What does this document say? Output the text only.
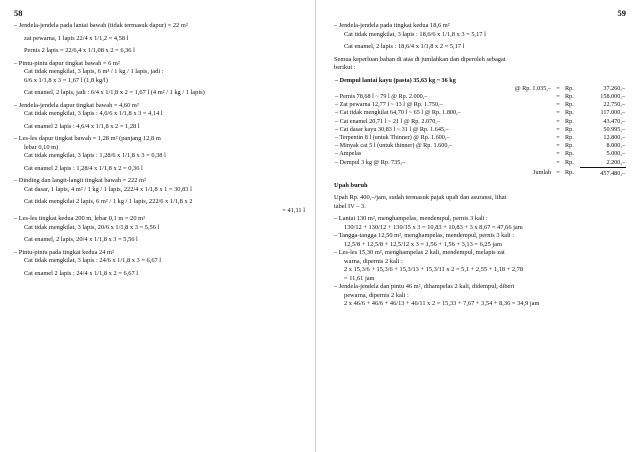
58
– Jendela-jendela pada lantai bawah (tidak termasuk dapur) = 22 m²
zat pewarna, 1 lapis 22/4 x 1/1,2 = 4,58 l
Pernis 2 lapis = 22/6,4 x 1/1,08 x 2 = 6,36 l
– Pintu-pintu dapur tingkat bawah = 6 m²
Cat tidak mengkilat, 3 lapis, 6 m² / 1 kg / 1 lapis, jadi :
6/6 x 1/1,8 x 3 = 1,67 l (1,8 kg/l)
Cat enamel, 2 lapis, jadi : 6/4 x 1/1,8 x 2 = 1,67 l (4 m² / 1 kg / 1 lapis)
– Jendela-jendela dapur tingkat bawah = 4,60 m²
Cat tidak mengkilat, 3 lapis : 4,6/6 x 1/1,8 x 3 = 4,14 l
Cat enamel 2 lapis : 4,6/4 x 1/1,8 x 2 = 1,28 l
– Les-les dapur tingkat bawah = 1,28 m² (panjang 12,8 m
lebar 0,10 m)
Cat tidak mengkilat, 3 lapis : 1,28/6 x 1/1,8 x 3 = 0,38 l
Cat enamel 2 lapis : 1,28/4 x 1/1,8 x 2 = 0,36 l
– Dinding dan langit-langit tingkat bawah = 222 m²
Cat dasar, 1 lapis, 4 m² / 1 kg / 1 lapis, 222/4 x 1/1,8 x 1 = 30,83 l
Cat tidak mengkilat 2 lapis, 6 m² / 1 kg / 1 lapis, 222/6 x 1/1,8 x 2
= 41,11 l
– Les-les tingkat kedua 200 m, lebar 0,1 m = 20 m²
Cat tidak mengkilat, 3 lapis, 20/6 x 1/1,8 x 3 = 5,56 l
Cat enamel, 2 lapis, 20/4 x 1/1,8 x 3 = 5,56 l
– Pintu-pintu pada tingkat kedua 24 m²
Cat tidak mengkilat, 3 lapis : 24/6 x 1/1,8 x 3 = 6,67 l
Cat enamel 2 lapis : 24/4 x 1/1,8 x 2 = 6,67 l
59
– Jendela-jendela pada tingkat kedua 18,6 m²
Cat tidak mengkilat, 3 lapis : 18,6/6 x 1/1,8 x 3 = 5,17 l
Cat enamel, 2 lapis : 18,6/4 x 1/1,8 x 2 = 5,17 l
Semua keperluan bahan di atas di jumlahkan dan diperoleh sebagai
berikut :
– Dempul lantai kayu (pasta) 35,63 kg ~ 36 kg			
@ Rp. 1.035,–	=	Rp.	37.260,–
– Pernis 78,68 l ~ 79 l @ Rp. 2.000,–	=	Rp.	158.000,–
– Zat pewarna 12,77 l ~ 13 l @ Rp. 1.750,–	=	Rp.	22.750,–
– Cat tidak mengkilat 64,70 l ~ 65 l @ Rp. 1.800,–	=	Rp.	117.000,–
– Cat enamel 20,71 l ~ 21 l @ Rp. 2.070,–	=	Rp.	43.470,–
– Cat dasar kayu 30,83 l ~ 31 l @ Rp. 1.645,–	=	Rp.	50.995,–
– Terpentin 8 l (untuk Thinner) @ Rp. 1.600,–	=	Rp.	12.800,–
– Minyak cat 5 l (untuk thinner) @ Rp. 1.600,–	=	Rp.	8.000,–
– Ampelas	=	Rp.	5.000,–
– Dempul 3 kg @ Rp. 735,–	=	Rp.	2.200,–
Jumlah	=	Rp.	457.480,–
Upah buruh
Upah Rp. 400,–/jam, sudah termasuk pajak upah dan asuransi, lihat
tabel IV – 3.
– Lantai 130 m², menghampelas, mendempul, pernis 3 kali :
130/12 + 130/12 + 130/15 x 3 = 10,83 + 10,83 + 3 x 8,67 = 47,66 jam
– Tangga-tangga 12,50 m², menghampelas, mendempul, pernis 3 kali :
12,5/8 + 12,5/8 + 12,5/12 x 3 = 1,56 + 1,56 + 3,13 = 6,25 jam
– Les-les 15,30 m², menghampelas 2 kali, mendempul, melapis zat
warna, dipernis 2 kali :
2 x 15,3/6 + 15,3/6 + 15,3/13 + 15,3/11 x 2 = 5,1 + 2,55 + 1,18 + 2,78
= 11,61 jam
– Jendela-jendela dan pintu 46 m², dihampelas 2 kali, didempul, diberi
pewarna, dipernis 2 kali :
2 x 46/6 + 46/6 + 46/13 + 46/11 x 2 = 15,33 + 7,67 + 3,54 + 8,36 = 34,9 jam
